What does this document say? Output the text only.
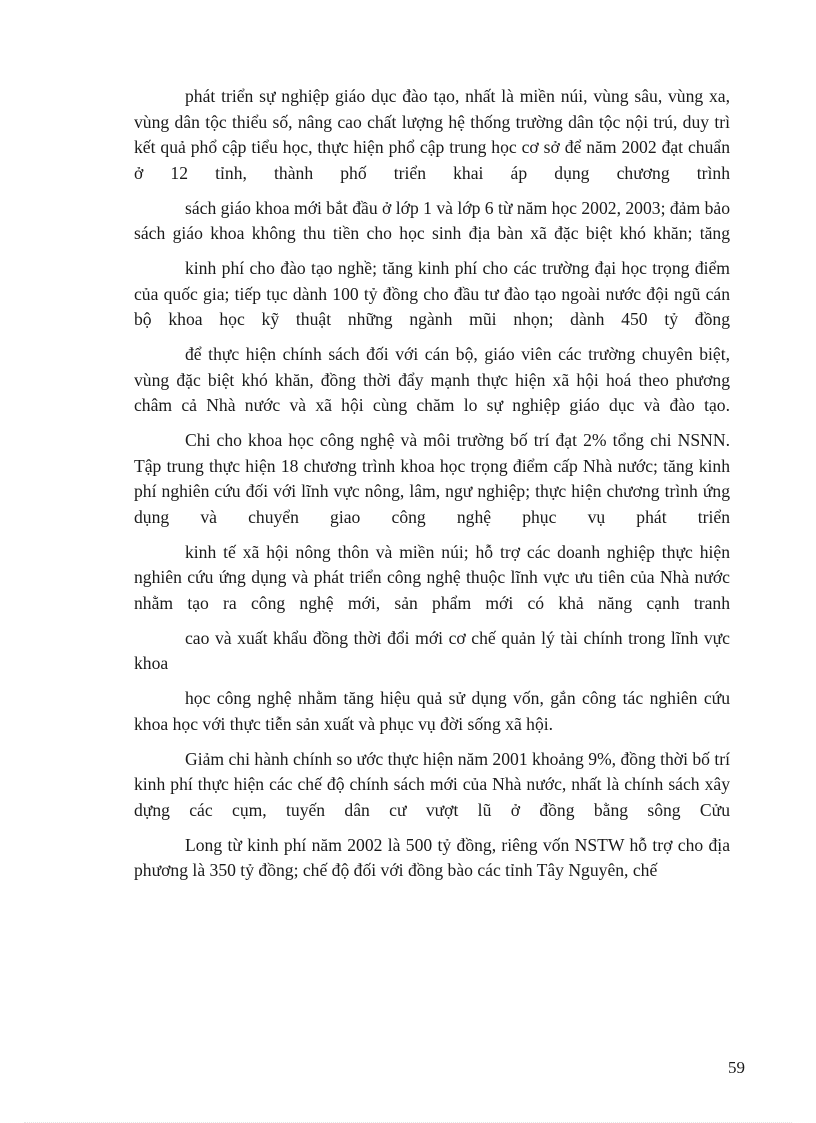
phát triển sự nghiệp giáo dục đào tạo, nhất là miền núi, vùng sâu, vùng xa, vùng dân tộc thiểu số, nâng cao chất lượng hệ thống trường dân tộc nội trú, duy trì kết quả phổ cập tiểu học, thực hiện phổ cập trung học cơ sở để năm 2002 đạt chuẩn ở 12 tỉnh, thành phố triển khai áp dụng chương trình

sách giáo khoa mới bắt đầu ở lớp 1 và lớp 6 từ năm học 2002, 2003; đảm bảo sách giáo khoa không thu tiền cho học sinh địa bàn xã đặc biệt khó khăn; tăng

kinh phí cho đào tạo nghề; tăng kinh phí cho các trường đại học trọng điểm của quốc gia; tiếp tục dành 100 tỷ đồng cho đầu tư đào tạo ngoài nước đội ngũ cán bộ khoa học kỹ thuật những ngành mũi nhọn; dành 450 tỷ đồng

để thực hiện chính sách đối với cán bộ, giáo viên các trường chuyên biệt, vùng đặc biệt khó khăn, đồng thời đẩy mạnh thực hiện xã hội hoá theo phương châm cả Nhà nước và xã hội cùng chăm lo sự nghiệp giáo dục và đào tạo.

Chi cho khoa học công nghệ và môi trường bố trí đạt 2% tổng chi NSNN. Tập trung thực hiện 18 chương trình khoa học trọng điểm cấp Nhà nước; tăng kinh phí nghiên cứu đối với lĩnh vực nông, lâm, ngư nghiệp; thực hiện chương trình ứng dụng và chuyển giao công nghệ phục vụ phát triển

kinh tế xã hội nông thôn và miền núi; hỗ trợ các doanh nghiệp thực hiện nghiên cứu ứng dụng và phát triển công nghệ thuộc lĩnh vực ưu tiên của Nhà nước nhằm tạo ra công nghệ mới, sản phẩm mới có khả năng cạnh tranh

cao và xuất khẩu đồng thời đổi mới cơ chế quản lý tài chính trong lĩnh vực khoa

học công nghệ nhằm tăng hiệu quả sử dụng vốn, gắn công tác nghiên cứu khoa học với thực tiễn sản xuất và phục vụ đời sống xã hội.

Giảm chi hành chính so ước thực hiện năm 2001 khoảng 9%, đồng thời bố trí kinh phí thực hiện các chế độ chính sách mới của Nhà nước, nhất là chính sách xây dựng các cụm, tuyến dân cư vượt lũ ở đồng bằng sông Cửu

Long từ kinh phí năm 2002 là 500 tỷ đồng, riêng vốn NSTW hỗ trợ cho địa phương là 350 tỷ đồng; chế độ đối với đồng bào các tỉnh Tây Nguyên, chế

59
